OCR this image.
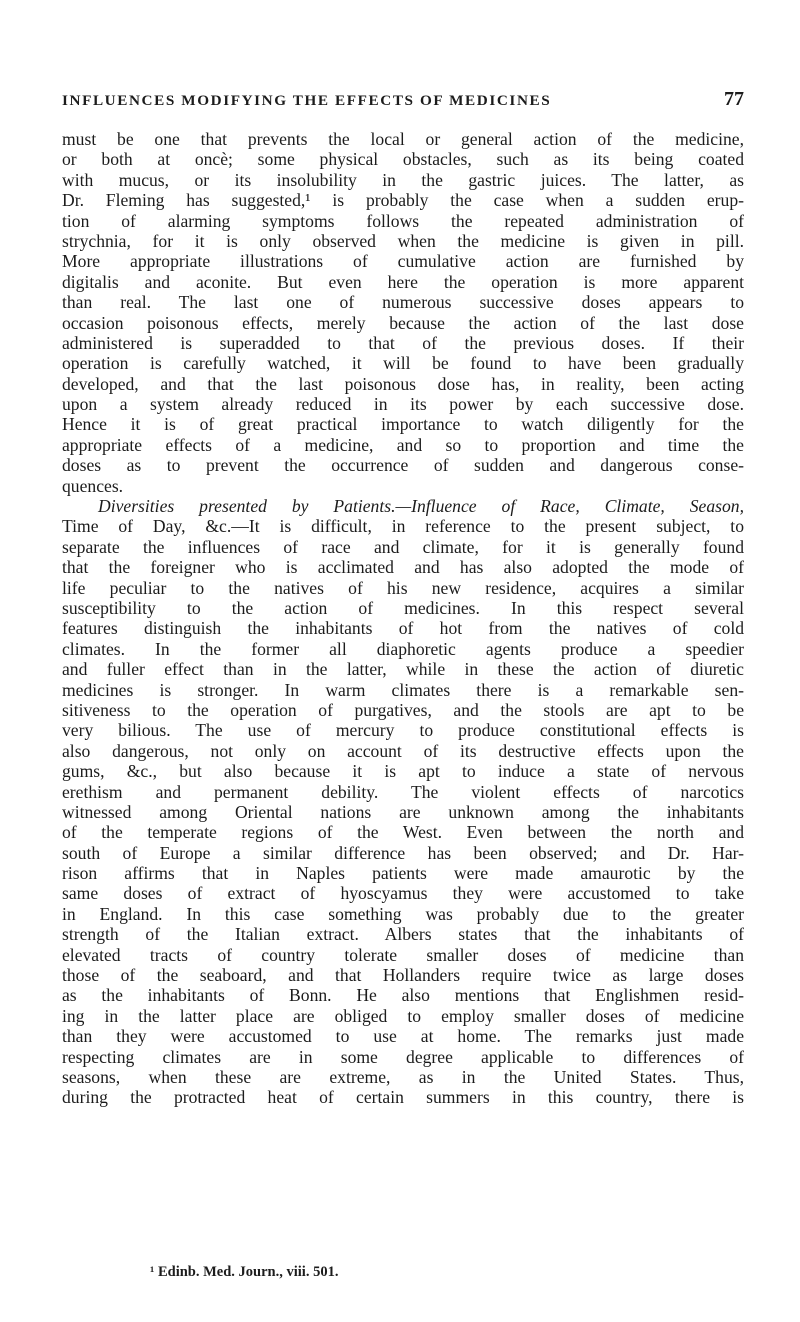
INFLUENCES MODIFYING THE EFFECTS OF MEDICINES	77
must be one that prevents the local or general action of the medicine,
or both at oncè; some physical obstacles, such as its being coated
with mucus, or its insolubility in the gastric juices. The latter, as
Dr. Fleming has suggested,¹ is probably the case when a sudden erup-
tion of alarming symptoms follows the repeated administration of
strychnia, for it is only observed when the medicine is given in pill.
More appropriate illustrations of cumulative action are furnished by
digitalis and aconite. But even here the operation is more apparent
than real. The last one of numerous successive doses appears to
occasion poisonous effects, merely because the action of the last dose
administered is superadded to that of the previous doses. If their
operation is carefully watched, it will be found to have been gradually
developed, and that the last poisonous dose has, in reality, been acting
upon a system already reduced in its power by each successive dose.
Hence it is of great practical importance to watch diligently for the
appropriate effects of a medicine, and so to proportion and time the
doses as to prevent the occurrence of sudden and dangerous conse-
quences.
Diversities presented by Patients.—Influence of Race, Climate, Season,
Time of Day, &c.—It is difficult, in reference to the present subject, to
separate the influences of race and climate, for it is generally found
that the foreigner who is acclimated and has also adopted the mode of
life peculiar to the natives of his new residence, acquires a similar
susceptibility to the action of medicines. In this respect several
features distinguish the inhabitants of hot from the natives of cold
climates. In the former all diaphoretic agents produce a speedier
and fuller effect than in the latter, while in these the action of diuretic
medicines is stronger. In warm climates there is a remarkable sen-
sitiveness to the operation of purgatives, and the stools are apt to be
very bilious. The use of mercury to produce constitutional effects is
also dangerous, not only on account of its destructive effects upon the
gums, &c., but also because it is apt to induce a state of nervous
erethism and permanent debility. The violent effects of narcotics
witnessed among Oriental nations are unknown among the inhabitants
of the temperate regions of the West. Even between the north and
south of Europe a similar difference has been observed; and Dr. Har-
rison affirms that in Naples patients were made amaurotic by the
same doses of extract of hyoscyamus they were accustomed to take
in England. In this case something was probably due to the greater
strength of the Italian extract. Albers states that the inhabitants of
elevated tracts of country tolerate smaller doses of medicine than
those of the seaboard, and that Hollanders require twice as large doses
as the inhabitants of Bonn. He also mentions that Englishmen resid-
ing in the latter place are obliged to employ smaller doses of medicine
than they were accustomed to use at home. The remarks just made
respecting climates are in some degree applicable to differences of
seasons, when these are extreme, as in the United States. Thus,
during the protracted heat of certain summers in this country, there is
¹ Edinb. Med. Journ., viii. 501.
